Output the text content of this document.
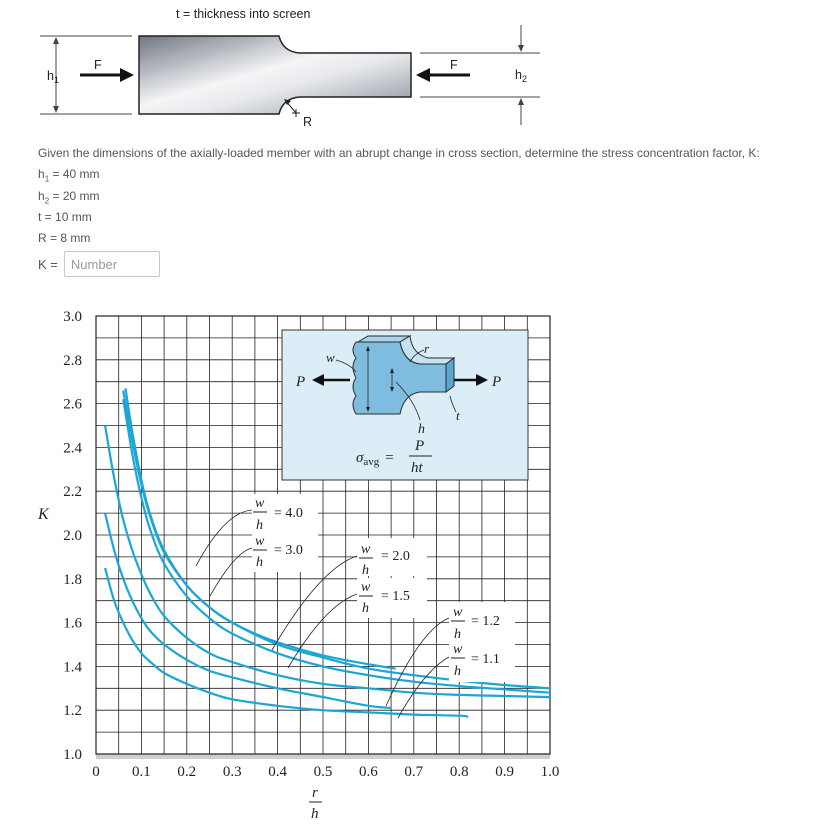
t = thickness into screen
$h_1$
F	F
$h_2$
R
Given the dimensions of the axially-loaded member with an abrupt change in cross section, determine the stress concentration factor, K:
$h_1 = 40$ mm
$h_2 = 20$ mm
t = 10 mm
R = 8 mm
K =
Number
0 0.1 0.2 0.3 0.4 0.5 0.6 0.7 0.8 0.9 1.0
1.0
1.2
1.4
1.6
1.8
2.0
2.2
2.4
2.6
2.8
3.0
K
r
h
w
h
= 4.0
w
h
= 3.0	w
h
= 2.0
w
h
= 1.5
w
h
= 1.2
w
h
= 1.1
P	P
w
r
t
h
$\sigma_{avg}$ =
P
ht
